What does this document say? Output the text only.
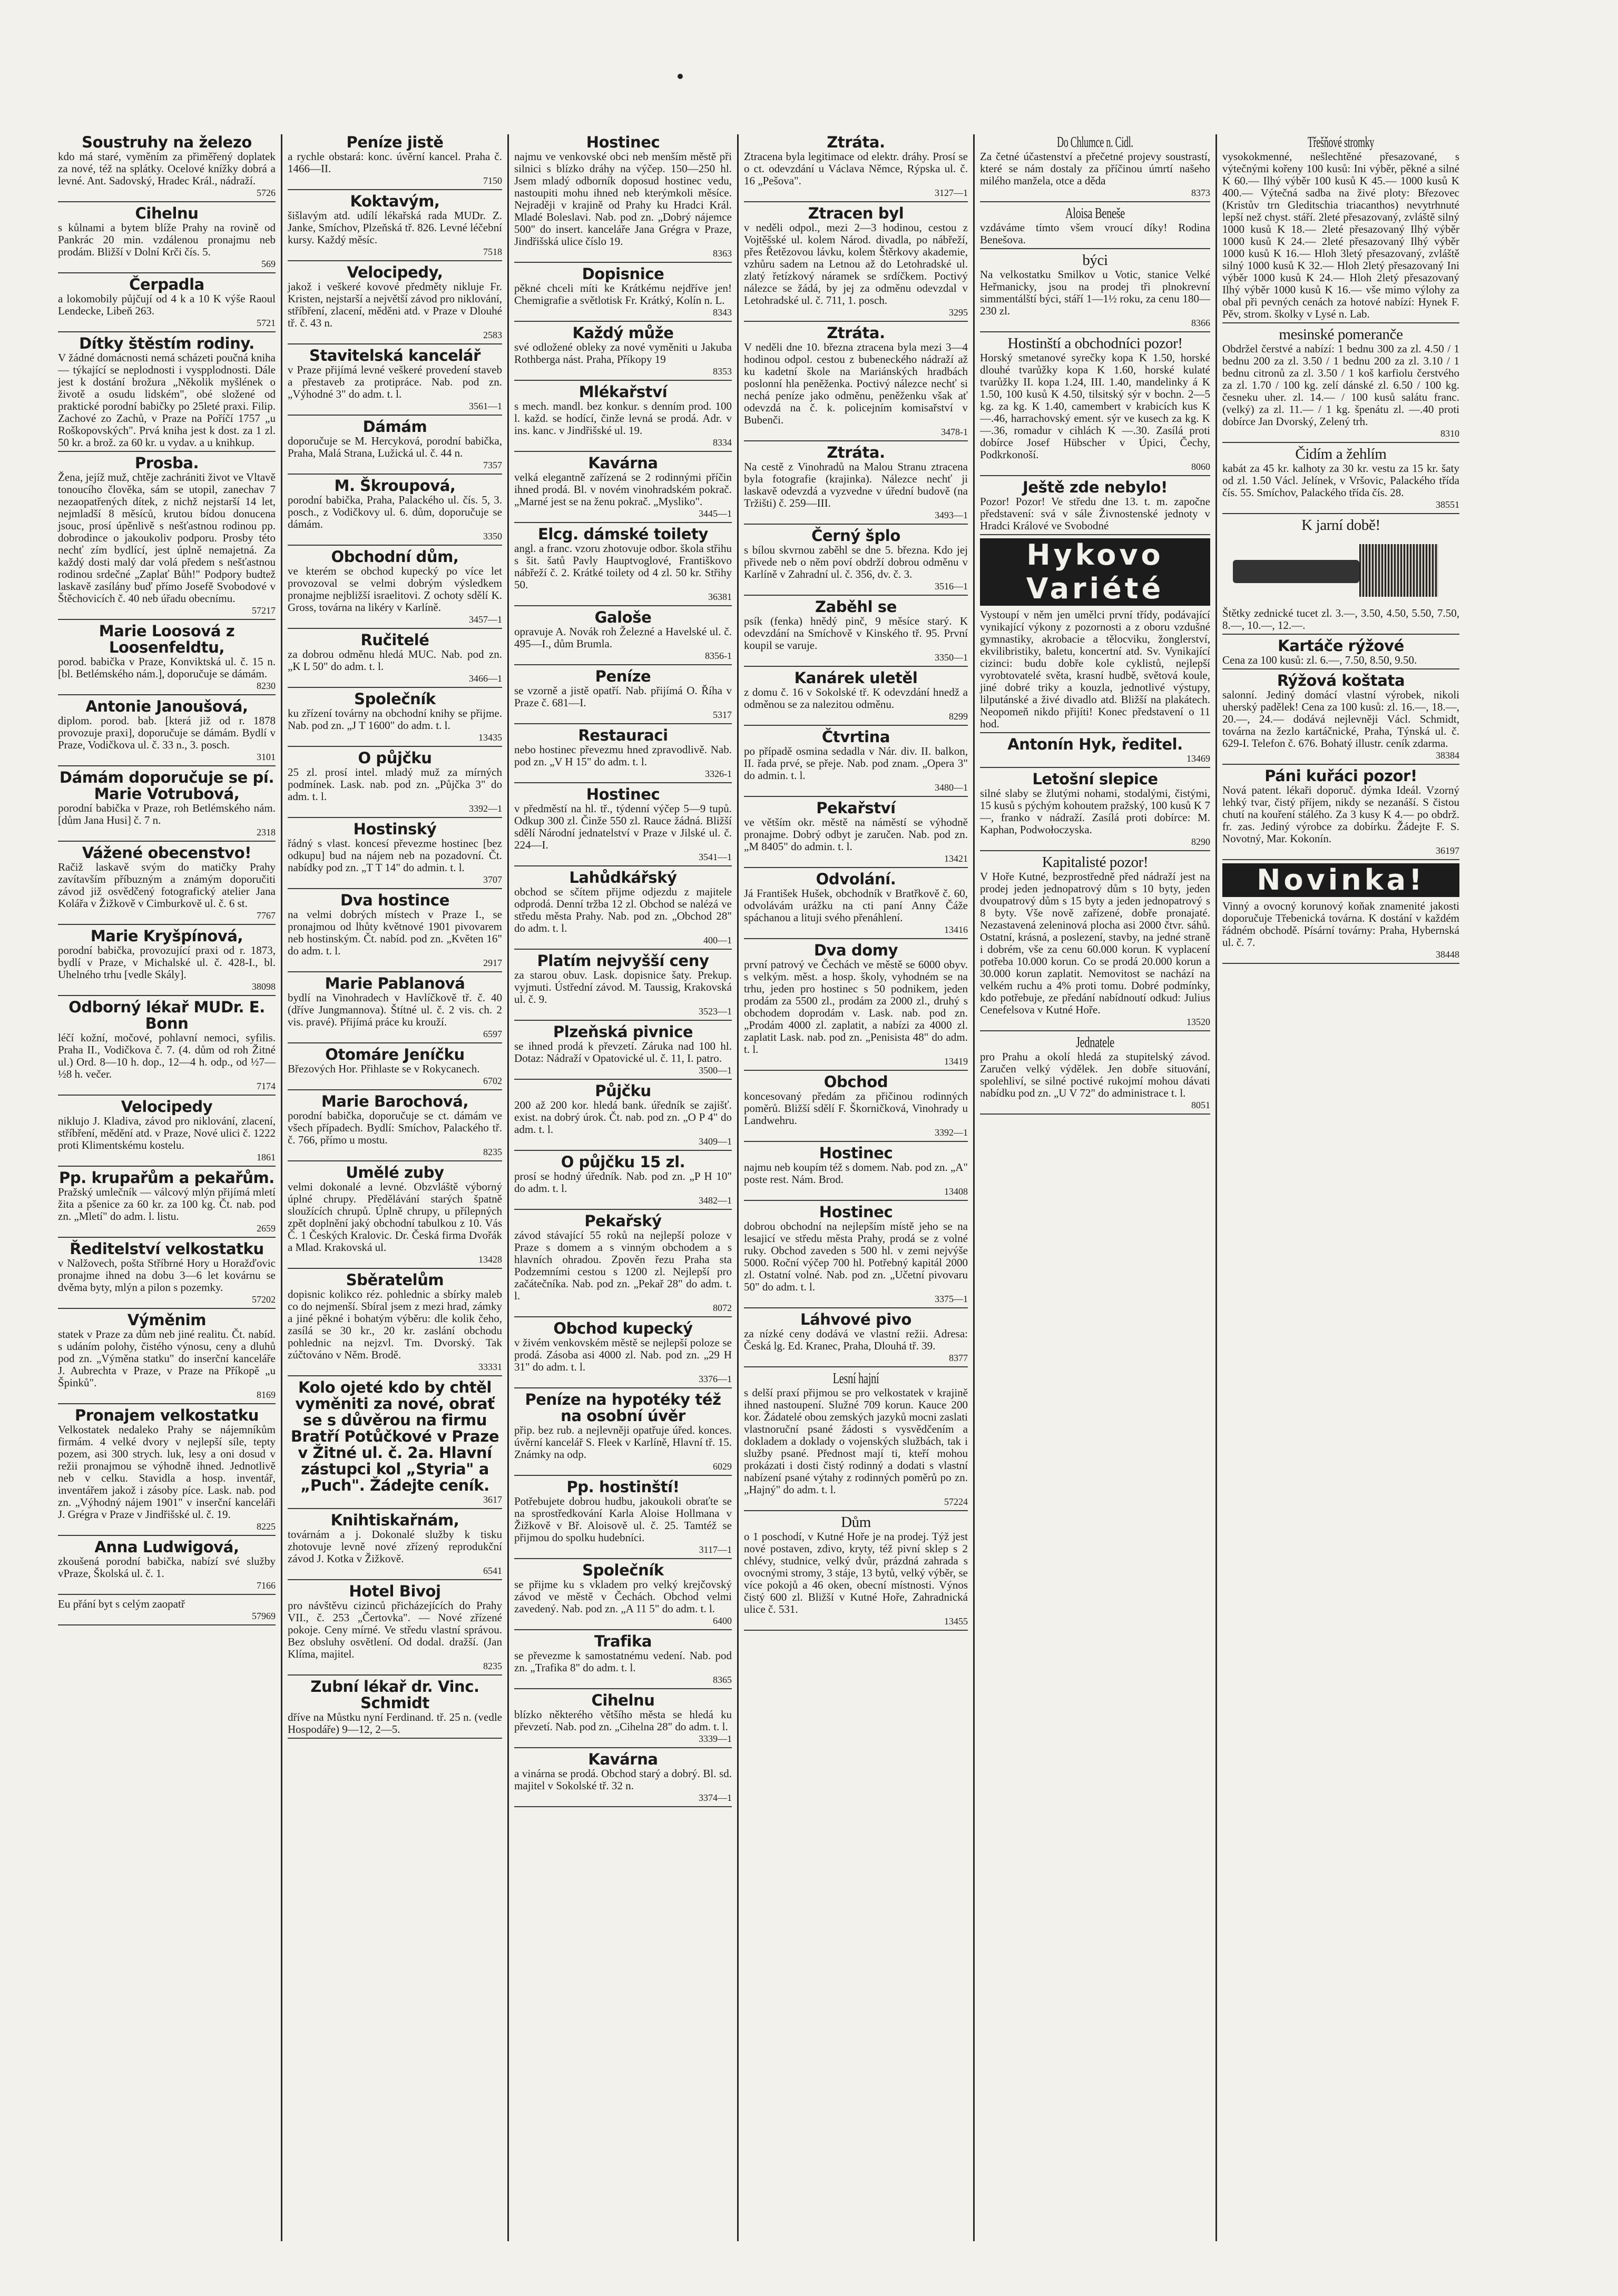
Soustruhy na železo

kdo má staré, vyměním za přiměřený doplatek za nové, též na splátky. Ocelové knížky dobrá a levné. Ant. Sadovský, Hradec Král., nádraží.

5726

Cihelnu

s kůlnami a bytem blíže Prahy na rovině od Pankrác 20 min. vzdálenou pronajmu neb prodám. Bližší v Dolní Krči čís. 5.

569

Čerpadla

a lokomobily půjčují od 4 k a 10 K výše Raoul Lendecke, Libeň 263.

5721

Dítky štěstím rodiny.

V žádné domácnosti nemá scházeti poučná kniha — týkající se neplodnosti i vyspplodnosti. Dále jest k dostání brožura „Několik myšlének o životě a osudu lidském", obé složené od praktické porodní babičky po 25leté praxi. Filip. Zachové zo Zachů, v Praze na Poříčí 1757 „u Roškopovských". Prvá kniha jest k dost. za 1 zl. 50 kr. a brož. za 60 kr. u vydav. a u knihkup.

Prosba.

Žena, jejíž muž, chtěje zachrániti život ve Vltavě tonoucího člověka, sám se utopil, zanechav 7 nezaopatřených dítek, z nichž nejstarší 14 let, nejmladší 8 měsíců, krutou bídou donucena jsouc, prosí úpěnlivě s nešťastnou rodinou pp. dobrodince o jakoukoliv podporu. Prosby této nechť zím bydlící, jest úplně nemajetná. Za každý dosti malý dar volá předem s nešťastnou rodinou srdečné „Zaplať Bůh!" Podpory budtež laskavě zasílány buď přímo Josefě Svobodové v Štěchovicích č. 40 neb úřadu obecnímu.

57217

Marie Loosová z Loosenfeldtu,

porod. babička v Praze, Konviktská ul. č. 15 n. [bl. Betlémského nám.], doporučuje se dámám.

8230

Antonie Janoušová,

diplom. porod. bab. [která již od r. 1878 provozuje praxi], doporučuje se dámám. Bydlí v Praze, Vodičkova ul. č. 33 n., 3. posch.

3101

Dámám doporučuje se pí. Marie Votrubová,

porodní babička v Praze, roh Betlémského nám. [dům Jana Husi] č. 7 n.

2318

Vážené obecenstvo!

Račiž laskavě svým do matičky Prahy zavítavším příbuzným a známým doporučiti závod již osvědčený fotografický atelier Jana Kolářa v Žižkově v Cimburkově ul. č. 6 st.

7767

Marie Kryšpínová,

porodní babička, provozující praxi od r. 1873, bydlí v Praze, v Michalské ul. č. 428-I., bl. Uhelného trhu [vedle Skály].

38098

Odborný lékař MUDr. E. Bonn

léčí kožní, močové, pohlavní nemoci, syfilis. Praha II., Vodičkova č. 7. (4. dům od roh Žitné ul.) Ord. 8—10 h. dop., 12—4 h. odp., od ½7—½8 h. večer.

7174

Velocipedy

niklujo J. Kladiva, závod pro niklování, zlacení, stříbření, mědění atd. v Praze, Nové ulici č. 1222 proti Klimentskému kostelu.

1861

Pp. krupařům a pekařům.

Pražský umlečník — válcový mlýn přijímá mletí žita a pšenice za 60 kr. za 100 kg. Čt. nab. pod zn. „Mletí" do adm. l. listu.

2659

Ředitelství velkostatku

v Nalžovech, pošta Stříbrné Hory u Horažďovic pronajme ihned na dobu 3—6 let kovárnu se dvěma byty, mlýn a pilon s pozemky.

57202

Výměnim

statek v Praze za dům neb jiné realitu. Čt. nabíd. s udáním polohy, čistého výnosu, ceny a dluhů pod zn. „Výměna statku" do inserční kanceláře J. Aubrechta v Praze, v Praze na Příkopě „u Špinků".

8169

Pronajem velkostatku

Velkostatek nedaleko Prahy se nájemníkům firmám. 4 velké dvory v nejlepší síle, tepty pozem, asi 300 strych. luk, lesy a oni dosud v režii pronajmou se výhodně ihned. Jednotlivě neb v celku. Stavidla a hosp. inventář, inventářem jakož i zásoby píce. Lask. nab. pod zn. „Výhodný nájem 1901" v inserční kanceláři J. Grégra v Praze v Jindřišské ul. č. 19.

8225

Anna Ludwigová,

zkoušená porodní babička, nabízí své služby vPraze, Školská ul. č. 1.

7166

Eu přání byt s celým zaopatř

57969

Peníze jistě

a rychle obstará: konc. úvěrní kancel. Praha č. 1466—II.

7150

Koktavým,

šišlavým atd. udílí lékařská rada MUDr. Z. Janke, Smíchov, Plzeňská tř. 826. Levné léčební kursy. Každý měsíc.

7518

Velocipedy,

jakož i veškeré kovové předměty nikluje Fr. Kristen, nejstarší a největší závod pro niklování, stříbření, zlacení, měděni atd. v Praze v Dlouhé tř. č. 43 n.

2583

Stavitelská kancelář

v Praze přijímá levné veškeré provedení staveb a přestaveb za protipráce. Nab. pod zn. „Výhodné 3" do adm. t. l.

3561—1

Dámám

doporučuje se M. Hercyková, porodní babička, Praha, Malá Strana, Lužická ul. č. 44 n.

7357

M. Škroupová,

porodní babička, Praha, Palackého ul. čís. 5, 3. posch., z Vodičkovy ul. 6. dům, doporučuje se dámám.

3350

Obchodní dům,

ve kterém se obchod kupecký po více let provozoval se velmi dobrým výsledkem pronajme nejbližší israelitovi. Z ochoty sdělí K. Gross, továrna na likéry v Karlíně.

3457—1

Ručitelé

za dobrou odměnu hledá MUC. Nab. pod zn. „K L 50" do adm. t. l.

3466—1

Společník

ku zřízení továrny na obchodní knihy se přijme. Nab. pod zn. „J T 1600" do adm. t. l.

13435

O půjčku

25 zl. prosí intel. mladý muž za mírných podmínek. Lask. nab. pod zn. „Půjčka 3" do adm. t. l.

3392—1

Hostinský

řádný s vlast. koncesí převezme hostinec [bez odkupu] bud na nájem neb na pozadovní. Čt. nabídky pod zn. „T T 14" do admin. t. l.

3707

Dva hostince

na velmi dobrých místech v Praze I., se pronajmou od lhůty květnové 1901 pivovarem neb hostinským. Čt. nabíd. pod zn. „Květen 16" do adm. t. l.

2917

Marie Pablanová

bydlí na Vinohradech v Havlíčkově tř. č. 40 (dříve Jungmannova). Štítné ul. č. 2 vis. ch. 2 vis. pravé). Přijímá práce ku krouží.

6597

Otomáre Jeníčku

Březových Hor. Přihlaste se v Rokycanech.

6702

Marie Barochová,

porodní babička, doporučuje se ct. dámám ve všech případech. Bydlí: Smíchov, Palackého tř. č. 766, přímo u mostu.

8235

Umělé zuby

velmi dokonalé a levné. Obzvláště výborný úplné chrupy. Předělávání starých špatně sloužících chrupů. Úplně chrupy, u přílepných zpět doplnění jaký obchodní tabulkou z 10. Vás Č. 1 Českých Kralovic. Dr. Česká firma Dvořák a Mlad. Krakovská ul.

13428

Sběratelům

dopisnic kolikco réz. pohlednic a sbírky maleb co do nejmenší. Sbíral jsem z mezi hrad, zámky a jiné pěkné i bohatým výběru: dle kolik čeho, zasílá se 30 kr., 20 kr. zaslání obchodu pohlednic na nejzvl. Tm. Dvorský. Tak zúčtováno v Něm. Brodě.

33331

Kolo ojeté kdo by chtěl vyměniti za nové, obrať se s důvěrou na firmu Bratří Potůčkové v Praze v Žitné ul. č. 2a. Hlavní zástupci kol „Styria" a „Puch". Žádejte ceník.

3617

Knihtiskařnám,

továrnám a j. Dokonalé služby k tisku zhotovuje levně nové zřízený reprodukční závod J. Kotka v Žižkově.

6541

Hotel Bivoj

pro návštěvu cizinců přicházejících do Prahy VII., č. 253 „Čertovka". — Nové zřízené pokoje. Ceny mírné. Ve středu vlastní správou. Bez obsluhy osvětlení. Od dodal. dražší. (Jan Klíma, majitel.

8235

Zubní lékař dr. Vinc. Schmidt

dříve na Můstku nyní Ferdinand. tř. 25 n. (vedle Hospodáře) 9—12, 2—5.

Hostinec

najmu ve venkovské obci neb menším městě při silnici s blízko dráhy na výčep. 150—250 hl. Jsem mladý odborník doposud hostinec vedu, nastoupiti mohu ihned neb kterýmkoli měsíce. Nejraději v krajině od Prahy ku Hradci Král. Mladé Boleslavi. Nab. pod zn. „Dobrý nájemce 500" do insert. kanceláře Jana Grégra v Praze, Jindřišská ulice číslo 19.

8363

Dopisnice

pěkné chceli míti ke Krátkému nejdříve jen! Chemigrafie a světlotisk Fr. Krátký, Kolín n. L.

8343

Každý může

své odložené obleky za nové vyměniti u Jakuba Rothberga nást. Praha, Příkopy 19

8353

Mlékařství

s mech. mandl. bez konkur. s denním prod. 100 l. každ. se hodící, činže levná se prodá. Adr. v ins. kanc. v Jindřišské ul. 19.

8334

Kavárna

velká elegantně zařízená se 2 rodinnými příčin ihned prodá. Bl. v novém vinohradském pokrač. „Marné jest se na ženu pokrač. „Mysliko".

3445—1

Elcg. dámské toilety

angl. a franc. vzoru zhotovuje odbor. škola střihu s šit. šatů Pavly Hauptvoglové, Františkovo nábřeží č. 2. Krátké toilety od 4 zl. 50 kr. Střihy 50.

36381

Galoše

opravuje A. Novák roh Železné a Havelské ul. č. 495—I., dům Brumla.

8356-1

Peníze

se vzorně a jistě opatří. Nab. přijímá O. Říha v Praze č. 681—I.

5317

Restauraci

nebo hostinec převezmu hned zpravodlivě. Nab. pod zn. „V H 15" do adm. t. l.

3326-1

Hostinec

v předměstí na hl. tř., týdenní výčep 5—9 tupů. Odkup 300 zl. Činže 550 zl. Rauce žádná. Bližší sdělí Národní jednatelství v Praze v Jilské ul. č. 224—I.

3541—1

Lahůdkářský

obchod se sčítem přijme odjezdu z majitele odprodá. Denní tržba 12 zl. Obchod se nalézá ve středu města Prahy. Nab. pod zn. „Obchod 28" do adm. t. l.

400—1

Platím nejvyšší ceny

za starou obuv. Lask. dopisnice šaty. Prekup. vyjmuti. Ústřední závod. M. Taussig, Krakovská ul. č. 9.

3523—1

Plzeňská pivnice

se ihned prodá k převzetí. Záruka nad 100 hl. Dotaz: Nádraží v Opatovické ul. č. 11, I. patro.

3500—1

Půjčku

200 až 200 kor. hledá bank. úředník se zajišť. exist. na dobrý úrok. Čt. nab. pod zn. „O P 4" do adm. t. l.

3409—1

O půjčku 15 zl.

prosí se hodný úředník. Nab. pod zn. „P H 10" do adm. t. l.

3482—1

Pekařský

závod stávající 55 roků na nejlepší poloze v Praze s domem a s vinným obchodem a s hlavních ohradou. Zpověn řezu Praha sta Podzemními cestou s 1200 zl. Nejlepší pro začátečníka. Nab. pod zn. „Pekař 28" do adm. t. l.

8072

Obchod kupecký

v živém venkovském městě se nejlepší poloze se prodá. Zásoba asi 4000 zl. Nab. pod zn. „29 H 31" do adm. t. l.

3376—1

Peníze na hypotéky též na osobní úvěr

přip. bez rub. a nejlevněji opatřuje úřed. konces. úvěrní kancelář S. Fleek v Karlíně, Hlavní tř. 15. Známky na odp.

6029

Pp. hostinští!

Potřebujete dobrou hudbu, jakoukoli obraťte se na sprostředkování Karla Aloise Hollmana v Žižkově v Bř. Aloisově ul. č. 25. Tamtéž se přijmou do spolku hudebníci.

3117—1

Společník

se přijme ku s vkladem pro velký krejčovský závod ve městě v Čechách. Obchod velmi zavedený. Nab. pod zn. „A 11 5" do adm. t. l.

6400

Trafika

se převezme k samostatnému vedení. Nab. pod zn. „Trafika 8" do adm. t. l.

8365

Cihelnu

blízko některého většího města se hledá ku převzetí. Nab. pod zn. „Cihelna 28" do adm. t. l.

3339—1

Kavárna

a vinárna se prodá. Obchod starý a dobrý. Bl. sd. majitel v Sokolské tř. 32 n.

3374—1

Ztráta.

Ztracena byla legitimace od elektr. dráhy. Prosí se o ct. odevzdání u Václava Němce, Rýpska ul. č. 16 „Pešova".

3127—1

Ztracen byl

v neděli odpol., mezi 2—3 hodinou, cestou z Vojtěšské ul. kolem Národ. divadla, po nábřeží, přes Řetězovou lávku, kolem Štěrkovy akademie, vzhůru sadem na Letnou až do Letohradské ul. zlatý řetízkový náramek se srdíčkem. Poctivý nálezce se žádá, by jej za odměnu odevzdal v Letohradské ul. č. 711, 1. posch.

3295

Ztráta.

V neděli dne 10. března ztracena byla mezi 3—4 hodinou odpol. cestou z bubeneckého nádraží až ku kadetní škole na Mariánských hradbách poslonní hla peněženka. Poctivý nálezce nechť si nechá peníze jako odměnu, peněženku však ať odevzdá na č. k. policejním komisařství v Bubenči.

3478-1

Ztráta.

Na cestě z Vinohradů na Malou Stranu ztracena byla fotografie (krajinka). Nálezce nechť ji laskavě odevzdá a vyzvedne v úřední budově (na Tržišti) č. 259—III.

3493—1

Černý šplo

s bílou skvrnou zaběhl se dne 5. března. Kdo jej přivede neb o něm poví obdrží dobrou odměnu v Karlíně v Zahradní ul. č. 356, dv. č. 3.

3516—1

Zaběhl se

psík (fenka) hnědý pinč, 9 měsíce starý. K odevzdání na Smíchově v Kinského tř. 95. První koupil se varuje.

3350—1

Kanárek uletěl

z domu č. 16 v Sokolské tř. K odevzdání hnedž a odměnou se za nalezitou odměnu.

8299

Čtvrtina

po případě osmina sedadla v Nár. div. II. balkon, II. řada prvé, se přeje. Nab. pod znam. „Opera 3" do admin. t. l.

3480—1

Pekařství

ve větším okr. městě na náměstí se výhodně pronajme. Dobrý odbyt je zaručen. Nab. pod zn. „M 8405" do admin. t. l.

13421

Odvolání.

Já František Hušek, obchodník v Bratřkově č. 60, odvolávám urážku na cti paní Anny Čáže spáchanou a lituji svého přenáhlení.

13416

Dva domy

první patrový ve Čechách ve městě se 6000 obyv. s velkým. měst. a hosp. školy, vyhodném se na trhu, jeden pro hostinec s 50 podnikem, jeden prodám za 5500 zl., prodám za 2000 zl., druhý s obchodem doprodám v. Lask. nab. pod zn. „Prodám 4000 zl. zaplatit, a nabízi za 4000 zl. zaplatit Lask. nab. pod zn. „Penisista 48" do adm. t. l.

13419

Obchod

koncesovaný předám za přičinou rodinných poměrů. Bližší sdělí F. Škorničková, Vinohrady u Landwehru.

3392—1

Hostinec

najmu neb koupím též s domem. Nab. pod zn. „A" poste rest. Nám. Brod.

13408

Hostinec

dobrou obchodní na nejlepším místě jeho se na lesajicí ve středu města Prahy, prodá se z volné ruky. Obchod zaveden s 500 hl. v zemi nejvýše 5000. Roční výčep 700 hl. Potřebný kapitál 2000 zl. Ostatní volné. Nab. pod zn. „Učetní pivovaru 50" do adm. t. l.

3375—1

Láhvové pivo

za nízké ceny dodává ve vlastní režii. Adresa: Česká lg. Ed. Kranec, Praha, Dlouhá tř. 39.

8377

Lesní hajní

s delší praxí přijmou se pro velkostatek v krajině ihned nastoupení. Služné 709 korun. Kauce 200 kor. Žádatelé obou zemských jazyků mocni zaslati vlastnoruční psané žádosti s vysvědčením a dokladem a doklady o vojenských službách, tak i služby psané. Přednost mají ti, kteří mohou prokázati i dosti čistý rodinný a dodati s vlastní nabízení psané výtahy z rodinných poměrů po zn. „Hajný" do adm. t. l.

57224

Dům

o 1 poschodí, v Kutné Hoře je na prodej. Týž jest nové postaven, zdivo, kryty, též pivní sklep s 2 chlévy, studnice, velký dvůr, prázdná zahrada s ovocnými stromy, 3 stáje, 13 bytů, velký výběr, se více pokojů a 46 oken, obecní místnosti. Výnos čistý 600 zl. Bližší v Kutné Hoře, Zahradnická ulice č. 531.

13455

Do Chlumce n. Cidl.

Za četné účastenství a přečetné projevy soustrastí, které se nám dostaly za příčinou úmrtí našeho milého manžela, otce a děda

8373

Aloisa Beneše

vzdáváme tímto všem vroucí díky! Rodina Benešova.

býci

Na velkostatku Smilkov u Votic, stanice Velké Heřmanicky, jsou na prodej tři plnokrevní simmentálští býci, stáří 1—1½ roku, za cenu 180—230 zl.

8366

Hostinští a obchodníci pozor!

Horský smetanové syrečky kopa K 1.50, horské dlouhé tvarůžky kopa K 1.60, horské kulaté tvarůžky II. kopa 1.24, III. 1.40, mandelinky á K 1.50, 100 kusů K 4.50, tilsitský sýr v bochn. 2—5 kg. za kg. K 1.40, camembert v krabicích kus K —.46, harrachovský ement. sýr ve kusech za kg. K —.36, romadur v cihlách K —.30. Zasílá proti dobírce Josef Hübscher v Úpici, Čechy, Podkrkonoší.

8060

Ještě zde nebylo!

Pozor! Pozor! Ve středu dne 13. t. m. započne představení: svá v sále Živnostenské jednoty v Hradci Králové ve Svobodné

Hykovo Variété

Vystoupí v něm jen umělci první třídy, podávající vynikající výkony z pozornosti a z oboru vzdušné gymnastiky, akrobacie a tělocviku, žonglerství, ekvilibristiky, baletu, koncertní atd. Sv. Vynikající cizinci: budu dobře kole cyklistů, nejlepší vyrobtovatelé světa, krasní hudbě, světová koule, jiné dobré triky a kouzla, jednotlivé výstupy, lilputánské a živé divadlo atd. Bližší na plakátech. Neopomeň nikdo přijíti! Konec představení o 11 hod.

Antonín Hyk, ředitel.

13469

Letošní slepice

silné slaby se žlutými nohami, stodalými, čistými, 15 kusů s pýchým kohoutem pražský, 100 kusů K 7—, franko v nádraží. Zasílá proti dobírce: M. Kaphan, Podwołoczyska.

8290

Kapitalisté pozor!

V Hoře Kutné, bezprostředně před nádraží jest na prodej jeden jednopatrový dům s 10 byty, jeden dvoupatrový dům s 15 byty a jeden jednopatrový s 8 byty. Vše nově zařízené, dobře pronajaté. Nezastavená zeleninová plocha asi 2000 čtvr. sáhů. Ostatní, krásná, a poslezení, stavby, na jedné straně i dobrém, vše za cenu 60.000 korun. K vyplacení potřeba 10.000 korun. Co se prodá 20.000 korun a 30.000 korun zaplatit. Nemovitost se nachází na velkém ruchu a 4% proti tomu. Dobré podmínky, kdo potřebuje, ze předání nabídnoutí odkud: Julius Cenefelsova v Kutné Hoře.

13520

Jednatele

pro Prahu a okolí hledá za stupitelský závod. Zaručen velký výdělek. Jen dobře situování, spolehliví, se silné poctivé rukojmí mohou dávati nabídku pod zn. „U V 72" do administrace t. l.

8051

Třešňové stromky

vysokokmenné, nešlechtěné přesazované, s výtečnými kořeny 100 kusů: Ini výběr, pěkné a silné K 60.— Ilhý výběr 100 kusů K 45.— 1000 kusů K 400.— Výtečná sadba na živé ploty: Březovec (Kristův trn Gleditschia triacanthos) nevytrhnuté lepší než chyst. stáří. 2leté přesazovaný, zvláště silný 1000 kusů K 18.— 2leté přesazovaný Ilhý výběr 1000 kusů K 24.— 2leté přesazovaný Ilhý výběr 1000 kusů K 16.— Hloh 3letý přesazovaný, zvláště silný 1000 kusů K 32.— Hloh 2letý přesazovaný Ini výběr 1000 kusů K 24.— Hloh 2letý přesazovaný Ilhý výběr 1000 kusů K 16.— vše mimo výlohy za obal při pevných cenách za hotové nabízí: Hynek F. Pěv, strom. školky v Lysé n. Lab.

mesinské pomeranče

Obdržel čerstvé a nabízí: 1 bednu 300 za zl. 4.50 / 1 bednu 200 za zl. 3.50 / 1 bednu 200 za zl. 3.10 / 1 bednu citronů za zl. 3.50 / 1 koš karfiolu čerstvého za zl. 1.70 / 100 kg. zelí dánské zl. 6.50 / 100 kg. česneku uher. zl. 14.— / 100 kusů salátu franc. (velký) za zl. 11.— / 1 kg. špenátu zl. —.40 proti dobírce Jan Dvorský, Zelený trh.

8310

Čidím a žehlím

kabát za 45 kr. kalhoty za 30 kr. vestu za 15 kr. šaty od zl. 1.50 Václ. Jelínek, v Vršovic, Palackého třída čís. 55. Smíchov, Palackého třída čís. 28.

38551

K jarní době!

Štětky zednické tucet zl. 3.—, 3.50, 4.50, 5.50, 7.50, 8.—, 10.—, 12.—.

Kartáče rýžové

Cena za 100 kusů: zl. 6.—, 7.50, 8.50, 9.50.

Rýžová koštata

salonní. Jediný domácí vlastní výrobek, nikoli uherský padělek! Cena za 100 kusů: zl. 16.—, 18.—, 20.—, 24.— dodává nejlevněji Václ. Schmidt, továrna na žezlo kartáčnické, Praha, Týnská ul. č. 629-I. Telefon č. 676. Bohatý illustr. ceník zdarma.

38384

Páni kuřáci pozor!

Nová patent. lékaři doporuč. dýmka Ideál. Vzorný lehký tvar, čistý příjem, nikdy se nezanáší. S čistou chutí na kouření stálého. Za 3 kusy K 4.— po obdrž. fr. zas. Jediný výrobce za dobírku. Žádejte F. S. Novotný, Mar. Kokonín.

36197

Novinka!

Vinný a ovocný korunový koňak znamenité jakosti doporučuje Třebenická továrna. K dostání v každém řádném obchodě. Písární továrny: Praha, Hybernská ul. č. 7.

38448
